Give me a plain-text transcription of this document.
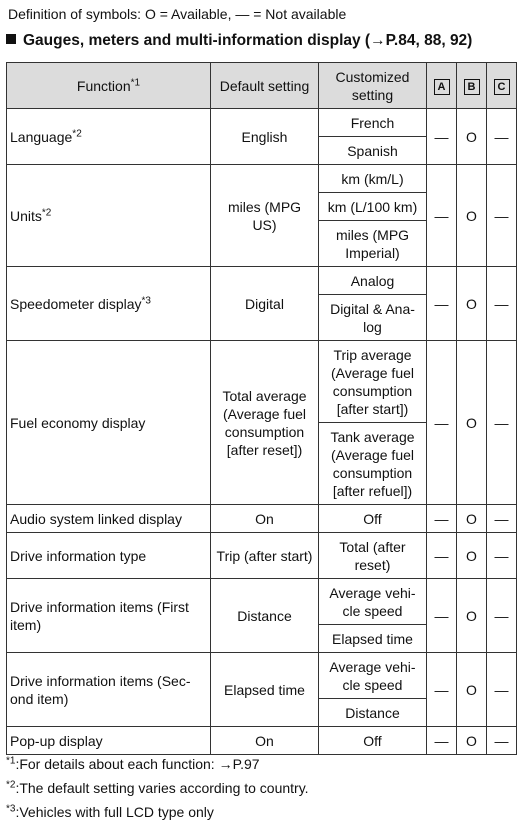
Definition of symbols: O = Available, — = Not available
Gauges, meters and multi-information display (→P.84, 88, 92)
Function$^{*1}$	Default setting	Customized setting	A	B	C
Language$^{*2}$	English	French	—	O	—
		Spanish			
Units$^{*2}$	miles (MPG US)	km (km/L)	—	O	—
		km (L/100 km)			
		miles (MPG Imperial)			
Speedometer display$^{*3}$	Digital	Analog	—	O	—
		Digital & Ana-log			
Fuel economy display	Total average (Average fuel consumption [after reset])	Trip average (Average fuel consumption [after start])	—	O	—
		Tank average (Average fuel consumption [after refuel])			
Audio system linked display	On	Off	—	O	—
Drive information type	Trip (after start)	Total (after reset)	—	O	—
Drive information items (First item)	Distance	Average vehi-cle speed	—	O	—
		Elapsed time			
Drive information items (Sec-ond item)	Elapsed time	Average vehi-cle speed	—	O	—
		Distance			
Pop-up display	On	Off	—	O	—
$^{*1}$:For details about each function: →P.97
$^{*2}$:The default setting varies according to country.
$^{*3}$:Vehicles with full LCD type only
